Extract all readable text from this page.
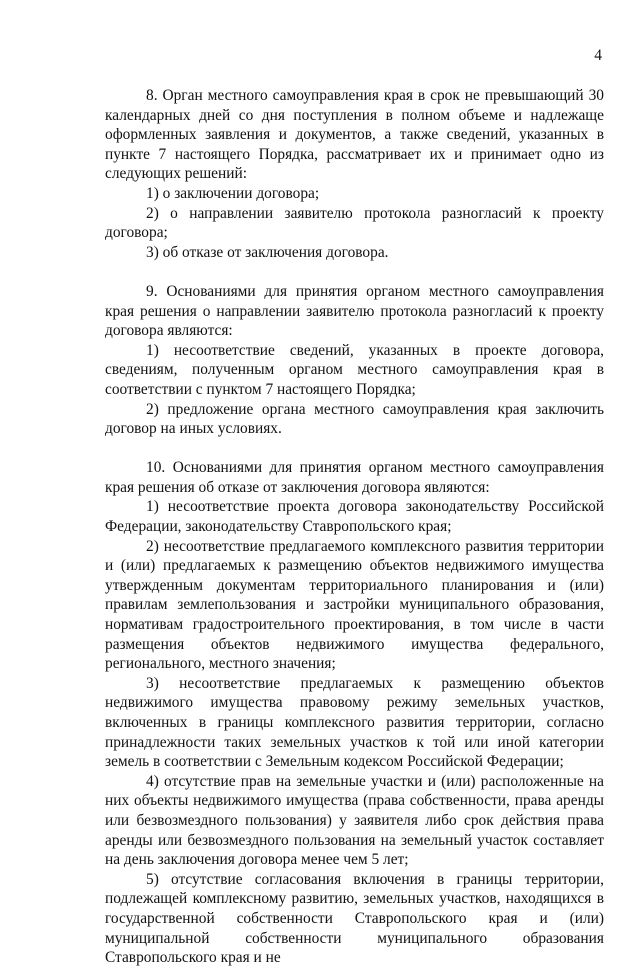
4

8. Орган местного самоуправления края в срок не превышающий 30 календарных дней со дня поступления в полном объеме и надлежаще оформленных заявления и документов, а также сведений, указанных в пункте 7 настоящего Порядка, рассматривает их и принимает одно из следующих решений:

1) о заключении договора;

2) о направлении заявителю протокола разногласий к проекту договора;

3) об отказе от заключения договора.

9. Основаниями для принятия органом местного самоуправления края решения о направлении заявителю протокола разногласий к проекту договора являются:

1) несоответствие сведений, указанных в проекте договора, сведениям, полученным органом местного самоуправления края в соответствии с пунктом 7 настоящего Порядка;

2) предложение органа местного самоуправления края заключить договор на иных условиях.

10. Основаниями для принятия органом местного самоуправления края решения об отказе от заключения договора являются:

1) несоответствие проекта договора законодательству Российской Федерации, законодательству Ставропольского края;

2) несоответствие предлагаемого комплексного развития территории и (или) предлагаемых к размещению объектов недвижимого имущества утвержденным документам территориального планирования и (или) правилам землепользования и застройки муниципального образования, нормативам градостроительного проектирования, в том числе в части размещения объектов недвижимого имущества федерального, регионального, местного значения;

3) несоответствие предлагаемых к размещению объектов недвижимого имущества правовому режиму земельных участков, включенных в границы комплексного развития территории, согласно принадлежности таких земельных участков к той или иной категории земель в соответствии с Земельным кодексом Российской Федерации;

4) отсутствие прав на земельные участки и (или) расположенные на них объекты недвижимого имущества (права собственности, права аренды или безвозмездного пользования) у заявителя либо срок действия права аренды или безвозмездного пользования на земельный участок составляет на день заключения договора менее чем 5 лет;

5) отсутствие согласования включения в границы территории, подлежащей комплексному развитию, земельных участков, находящихся в государственной собственности Ставропольского края и (или) муниципальной собственности муниципального образования Ставропольского края и не
